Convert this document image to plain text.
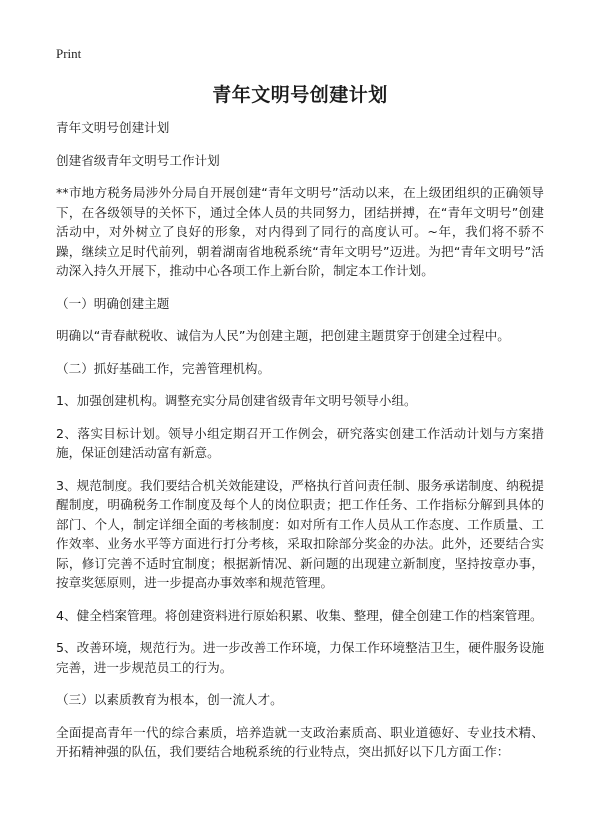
Print
青年文明号创建计划

青年文明号创建计划

创建省级青年文明号工作计划

**市地方税务局涉外分局自开展创建“青年文明号”活动以来，在上级团组织的正确领导下，在各级领导的关怀下，通过全体人员的共同努力，团结拼搏，在“青年文明号”创建活动中，对外树立了良好的形象，对内得到了同行的高度认可。~年，我们将不骄不躁，继续立足时代前列，朝着湖南省地税系统“青年文明号”迈进。为把“青年文明号”活动深入持久开展下，推动中心各项工作上新台阶，制定本工作计划。

（一）明确创建主题

明确以“青春献税收、诚信为人民”为创建主题，把创建主题贯穿于创建全过程中。

（二）抓好基础工作，完善管理机构。

1、加强创建机构。调整充实分局创建省级青年文明号领导小组。

2、落实目标计划。领导小组定期召开工作例会，研究落实创建工作活动计划与方案措施，保证创建活动富有新意。

3、规范制度。我们要结合机关效能建设，严格执行首问责任制、服务承诺制度、纳税提醒制度，明确税务工作制度及每个人的岗位职责；把工作任务、工作指标分解到具体的部门、个人，制定详细全面的考核制度：如对所有工作人员从工作态度、工作质量、工作效率、业务水平等方面进行打分考核，采取扣除部分奖金的办法。此外，还要结合实际，修订完善不适时宜制度；根据新情况、新问题的出现建立新制度，坚持按章办事，按章奖惩原则，进一步提高办事效率和规范管理。

4、健全档案管理。将创建资料进行原始积累、收集、整理，健全创建工作的档案管理。

5、改善环境，规范行为。进一步改善工作环境，力保工作环境整洁卫生，硬件服务设施完善，进一步规范员工的行为。

（三）以素质教育为根本，创一流人才。

全面提高青年一代的综合素质，培养造就一支政治素质高、职业道德好、专业技术精、开拓精神强的队伍，我们要结合地税系统的行业特点，突出抓好以下几方面工作：
